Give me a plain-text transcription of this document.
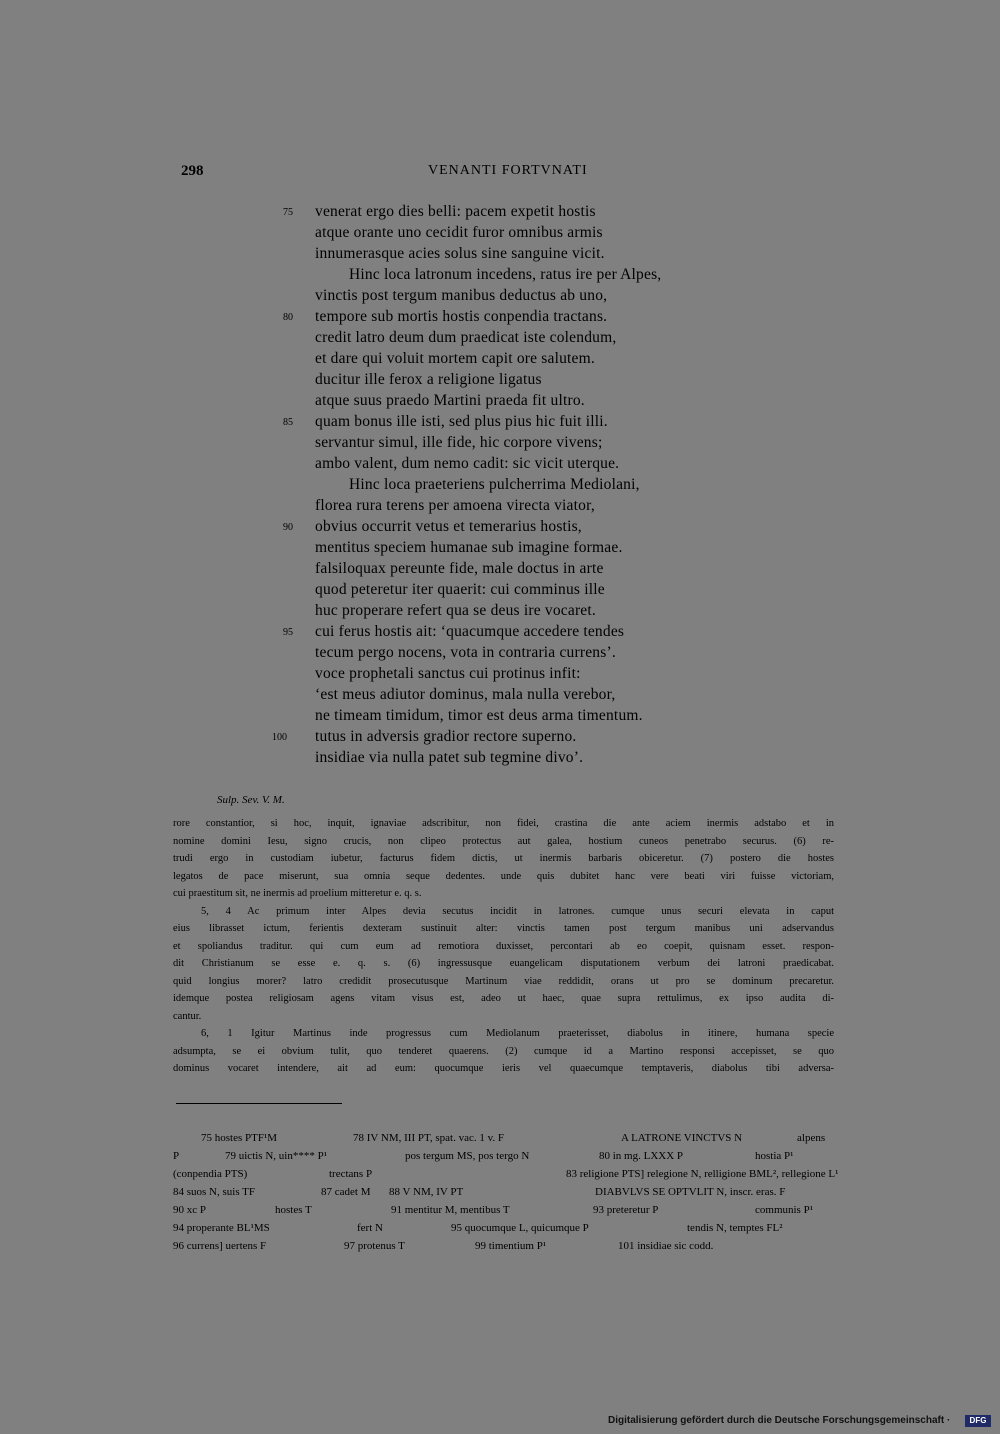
298	VENANTI FORTVNATI
venerat ergo dies belli: pacem expetit hostis
atque orante uno cecidit furor omnibus armis
innumerasque acies solus sine sanguine vicit.
Hinc loca latronum incedens, ratus ire per Alpes,
vinctis post tergum manibus deductus ab uno,
tempore sub mortis hostis conpendia tractans.
credit latro deum dum praedicat iste colendum,
et dare qui voluit mortem capit ore salutem.
ducitur ille ferox a religione ligatus
atque suus praedo Martini praeda fit ultro.
quam bonus ille isti, sed plus pius hic fuit illi.
servantur simul, ille fide, hic corpore vivens;
ambo valent, dum nemo cadit: sic vicit uterque.
Hinc loca praeteriens pulcherrima Mediolani,
florea rura terens per amoena virecta viator,
obvius occurrit vetus et temerarius hostis,
mentitus speciem humanae sub imagine formae.
falsiloquax pereunte fide, male doctus in arte
quod peteretur iter quaerit: cui comminus ille
huc properare refert qua se deus ire vocaret.
cui ferus hostis ait: ‘quacumque accedere tendes
tecum pergo nocens, vota in contraria currens’.
voce prophetali sanctus cui protinus infit:
‘est meus adiutor dominus, mala nulla verebor,
ne timeam timidum, timor est deus arma timentum.
tutus in adversis gradior rectore superno.
insidiae via nulla patet sub tegmine divo’.
75
80
85
90
95
100
Sulp. Sev. V. M.
rore constantior, si hoc, inquit, ignaviae adscribitur, non fidei, crastina die ante aciem inermis adstabo et in
nomine domini Iesu, signo crucis, non clipeo protectus aut galea, hostium cuneos penetrabo securus. (6) re-
trudi ergo in custodiam iubetur, facturus fidem dictis, ut inermis barbaris obiceretur. (7) postero die hostes
legatos de pace miserunt, sua omnia seque dedentes. unde quis dubitet hanc vere beati viri fuisse victoriam,
cui praestitum sit, ne inermis ad proelium mitteretur e. q. s.
5, 4 Ac primum inter Alpes devia secutus incidit in latrones. cumque unus securi elevata in caput
eius librasset ictum, ferientis dexteram sustinuit alter: vinctis tamen post tergum manibus uni adservandus
et spoliandus traditur. qui cum eum ad remotiora duxisset, percontari ab eo coepit, quisnam esset. respon-
dit Christianum se esse e. q. s. (6) ingressusque euangelicam disputationem verbum dei latroni praedicabat.
quid longius morer? latro credidit prosecutusque Martinum viae reddidit, orans ut pro se dominum precaretur.
idemque postea religiosam agens vitam visus est, adeo ut haec, quae supra rettulimus, ex ipso audita di-
cantur.
6, 1 Igitur Martinus inde progressus cum Mediolanum praeterisset, diabolus in itinere, humana specie
adsumpta, se ei obvium tulit, quo tenderet quaerens. (2) cumque id a Martino responsi accepisset, se quo
dominus vocaret intendere, ait ad eum: quocumque ieris vel quaecumque temptaveris, diabolus tibi adversa-
75 hostes PTF¹M	78 IV NM, III PT, spat. vac. 1 v. F	A LATRONE VINCTVS N	alpens
P	79 uictis N, uin**** P¹	pos tergum MS, pos tergo N	80 in mg. LXXX P	hostia P¹
(conpendia PTS)	trectans P	83 religione PTS] relegione N, relligione BML², rellegione L¹
84 suos N, suis TF	87 cadet M 88 V NM, IV PT	DIABVLVS SE OPTVLIT N, inscr. eras. F
90 xc P	hostes T	91 mentitur M, mentibus T	93 preteretur P	communis P¹
94 properante BL¹MS	fert N	95 quocumque L, quicumque P	tendis N, temptes FL²
96 currens] uertens F	97 protenus T	99 timentium P¹	101 insidiae sic codd.
Digitalisierung gefördert durch die Deutsche Forschungsgemeinschaft ·	DFG
